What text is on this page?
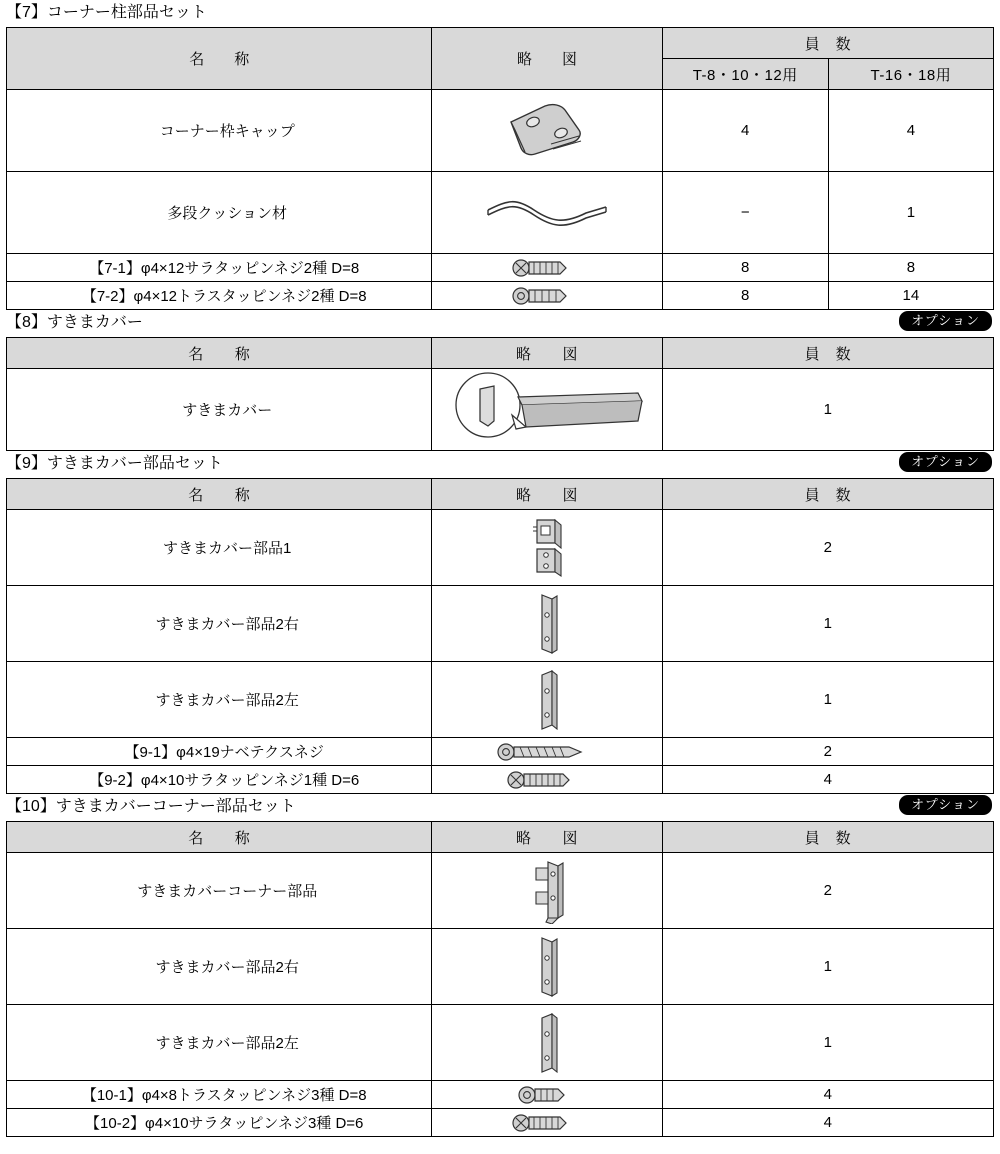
【7】コーナー柱部品セット
名　　称	略　　図	員　数	
		T-8・10・12用	T-16・18用
コーナー枠キャップ		4	4
多段クッション材		−	1
【7-1】φ4×12サラタッピンネジ2種 D=8		8	8
【7-2】φ4×12トラスタッピンネジ2種 D=8		8	14
【8】すきまカバー	オプション
名　　称	略　　図	員　数
すきまカバー		1
【9】すきまカバー部品セット	オプション
名　　称	略　　図	員　数
すきまカバー部品1		2
すきまカバー部品2右		1
すきまカバー部品2左		1
【9-1】φ4×19ナベテクスネジ		2
【9-2】φ4×10サラタッピンネジ1種 D=6		4
【10】すきまカバーコーナー部品セット	オプション
名　　称	略　　図	員　数
すきまカバーコーナー部品		2
すきまカバー部品2右		1
すきまカバー部品2左		1
【10-1】φ4×8トラスタッピンネジ3種 D=8		4
【10-2】φ4×10サラタッピンネジ3種 D=6		4
